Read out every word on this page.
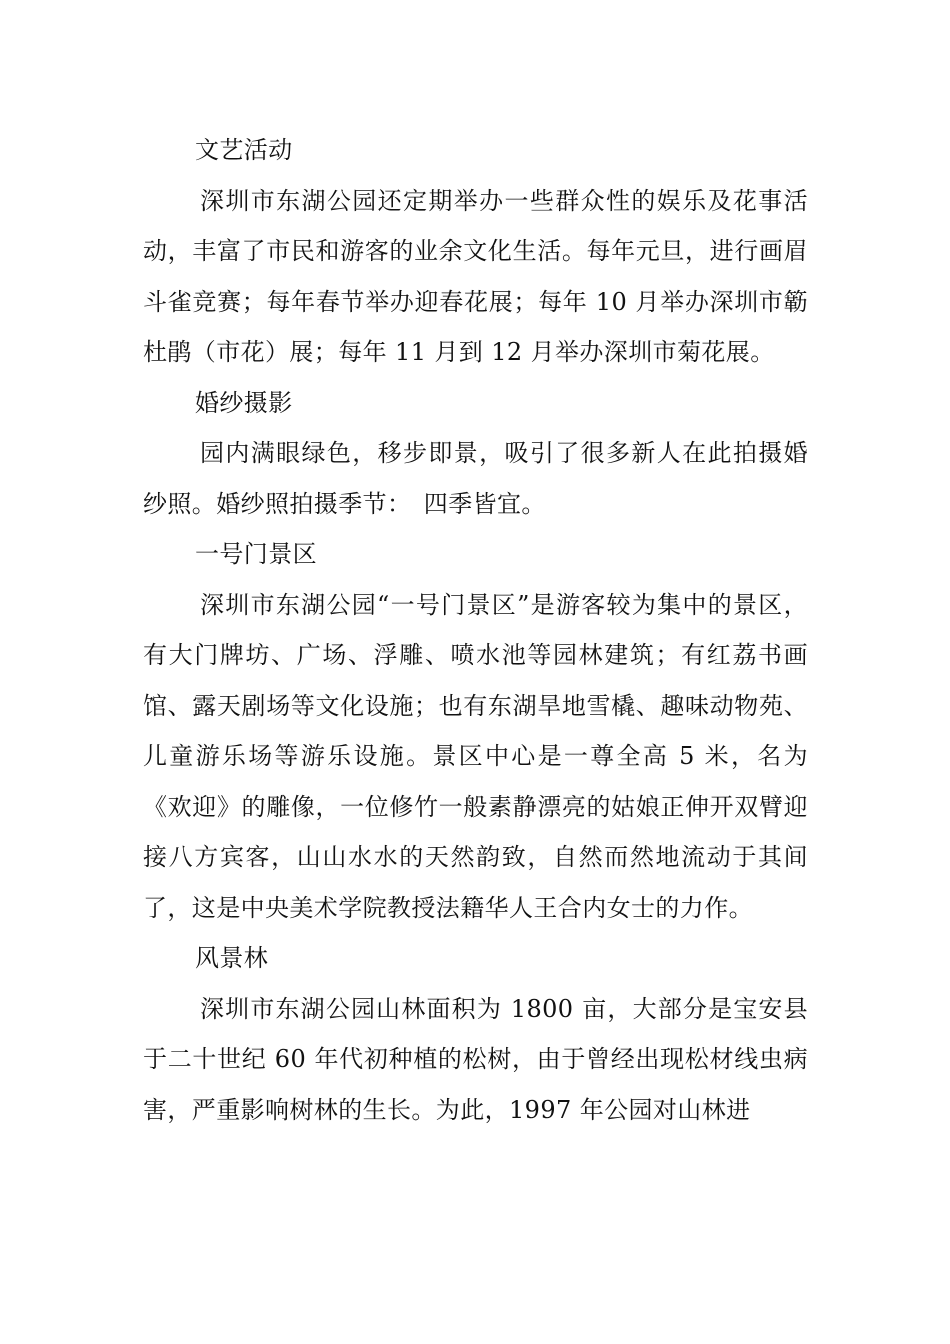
文艺活动

深圳市东湖公园还定期举办一些群众性的娱乐及花事活动，丰富了市民和游客的业余文化生活。每年元旦，进行画眉斗雀竞赛；每年春节举办迎春花展；每年 10 月举办深圳市簕杜鹃（市花）展；每年 11 月到 12 月举办深圳市菊花展。

婚纱摄影

园内满眼绿色，移步即景，吸引了很多新人在此拍摄婚纱照。婚纱照拍摄季节：　四季皆宜。

一号门景区

深圳市东湖公园“一号门景区”是游客较为集中的景区，有大门牌坊、广场、浮雕、喷水池等园林建筑；有红荔书画馆、露天剧场等文化设施；也有东湖旱地雪橇、趣味动物苑、儿童游乐场等游乐设施。景区中心是一尊全高 5 米，名为《欢迎》的雕像，一位修竹一般素静漂亮的姑娘正伸开双臂迎接八方宾客，山山水水的天然韵致，自然而然地流动于其间了，这是中央美术学院教授法籍华人王合内女士的力作。

风景林

深圳市东湖公园山林面积为 1800 亩，大部分是宝安县于二十世纪 60 年代初种植的松树，由于曾经出现松材线虫病害，严重影响树林的生长。为此，1997 年公园对山林进
